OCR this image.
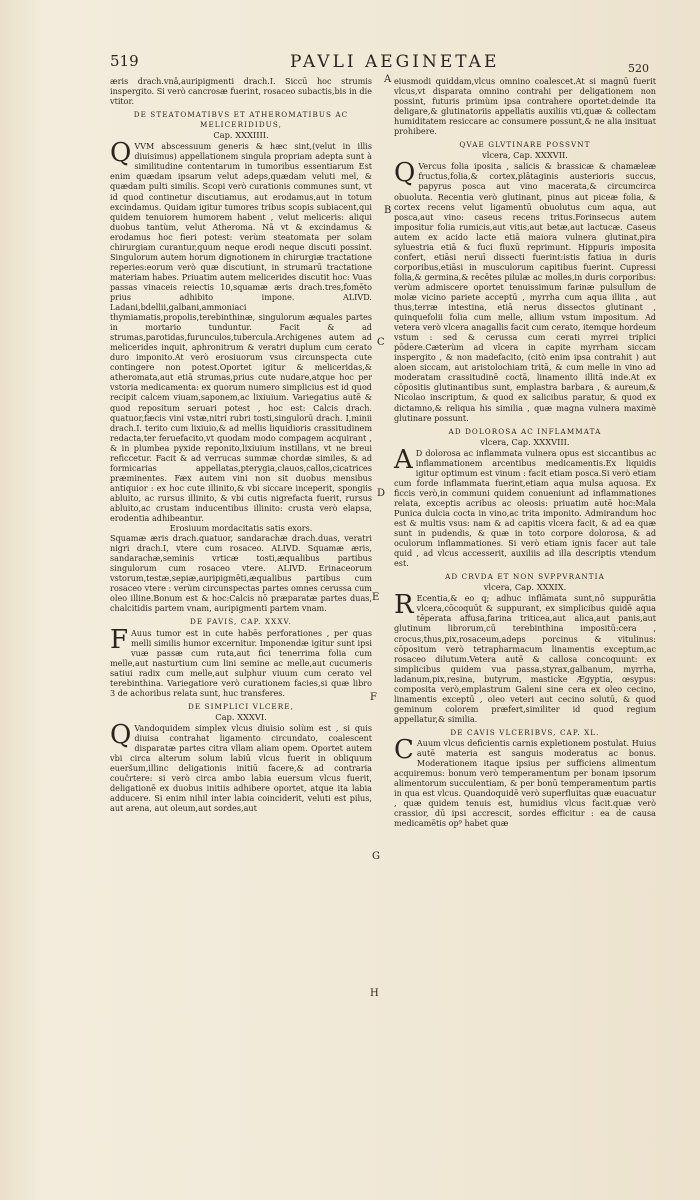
519	PAVLI AEGINETAE	520

æris drach.vnâ,auripigmenti drach.I. Siccū hoc strumis inspergito. Si verò cancrosæ fuerint, rosaceo subactis,bis in die vtitor.

DE STEATOMATIBVS ET ATHEROMATIBUS AC MELICERIDIDUS,

Cap. XXXIIII.

QVVM abscessuum generis & hæc sint,(velut in illis diuisimus) appellationem singula propriam adepta sunt à similitudine contentarum in tumoribus essentiarum Est enim quædam ipsarum velut adeps,quædam veluti mel, & quædam pulti similis. Scopi verò curationis communes sunt, vt id quod continetur discutiamus, aut erodamus,aut in totum excindamus. Quidam igitur tumores tribus scopis subiacent,qui quidem tenuiorem humorem habent , velut meliceris: aliqui duobus tantùm, velut Atheroma. Nā vt & excindamus & erodamus hoc fieri potest: verùm steatomata per solam chirurgiam curantur,quum neque erodi neque discuti possint. Singulorum autem horum dignotionem in chirurgiæ tractatione reperies:eorum verò quæ discutiunt, in strumarū tractatione materiam habes. Priuatim autem melicerides discutit hoc: Vuas passas vinaceis reiectis 10,squamæ æris drach.tres,fomēto prius adhibito impone. ALIVD. Ladani,bdellii,galbani,ammoniaci thymiamatis,propolis,terebinthinæ, singulorum æquales partes in mortario tunduntur. Facit & ad strumas,parotidas,furunculos,tubercula.Archigenes autem ad melicerides inquit, aphronitrum & veratri duplum cum cerato duro imponito.At verò erosiuorum vsus circunspecta cute contingere non potest.Oportet igitur & meliceridas,& atheromata,aut etiā strumas,prius cute nudare,atque hoc per vstoria medicamenta: ex quorum numero simplicius est id quod recipit calcem viuam,saponem,ac lixiuium. Variegatius autē & quod repositum seruari potest , hoc est: Calcis drach. quatuor,fæcis vini vstæ,nitri rubri tosti,singulorū drach. I,minii drach.I. terito cum lixiuio,& ad mellis liquidioris crassitudinem redacta,ter feruefacito,vt quodam modo compagem acquirant , & in plumbea pyxide reponito,lixiuium instillans, vt ne breui reficcetur. Facit & ad verrucas summæ chordæ similes, & ad formicarias appellatas,pterygia,clauos,callos,cicatrices præminentes. Fæx autem vini non sit duobus mensibus antiquior : ex hoc cute illinito,& vbi siccare inceperit, spongiis abluito, ac rursus illinito, & vbi cutis nigrefacta fuerit, rursus abluito,ac crustam inducentibus illinito: crusta verò elapsa, erodentia adhibeantur.

Erosiuum mordacitatis satis exors.

Squamæ æris drach.quatuor, sandarachæ drach.duas, veratri nigri drach.I, vtere cum rosaceo. ALIVD. Squamæ æris, sandarachæ,seminis vrticæ tosti,æqualibus partibus singulorum cum rosaceo vtere. ALIVD. Erinaceorum vstorum,testæ,sepiæ,auripigmēti,æqualibus partibus cum rosaceo vtere : verùm circunspectas partes omnes cerussa cum oleo illine.Bonum est & hoc:Calcis nō præparatæ partes duas, chalcitidis partem vnam, auripigmenti partem vnam.

DE FAVIS, CAP. XXXV.

F Auus tumor est in cute habēs perforationes , per quas melli similis humor excernitur. Imponendæ igitur sunt ipsi vuæ passæ cum ruta,aut fici tenerrima folia cum melle,aut nasturtium cum lini semine ac melle,aut cucumeris satiui radix cum melle,aut sulphur viuum cum cerato vel terebinthina. Variegatiore verò curationem facies,si quæ libro 3 de achoribus relata sunt, huc transferes.

DE SIMPLICI VLCERE,

Cap. XXXVI.

Q Vandoquidem simplex vlcus diuisio solùm est , si quis diuisa contrahat ligamento circundato, coalescent disparatæ partes citra vllam aliam opem. Oportet autem vbi circa alterum solum labiū vlcus fuerit in obliquum eueršum,illinc deligationis initiū facere,& ad contraria coučrtere: si verò circa ambo labia euersum vlcus fuerit, deligationē ex duobus initiis adhibere oportet, atque ita labia adducere. Si enim nihil inter labia coinciderit, veluti est pilus, aut arena, aut oleum,aut sordes,aut

eiusmodi quiddam,vlcus omnino coalescet.At si magnū fuerit vlcus,vt disparata omnino contrahi per deligationem non possint, futuris primùm ipsa contrahere oportet:deinde ita deligare,& glutinatoriis appellatis auxiliis vti,quæ & collectam humiditatem resiccare ac consumere possunt,& ne alia insituat prohibere.

QVAE GLVTINARE POSSVNT

vlcera, Cap. XXXVII.

Q Vercus folia iposita , salicis & brassicæ & chamæleæ fructus,folia,& cortex,plātaginis austerioris succus, papyrus posca aut vino macerata,& circumcirca obuoluta. Recentia verò glutinant, pinus aut piceæ folia, & cortex recens velut ligamentū obuolutus cum aqua, aut posca,aut vino: caseus recens tritus.Forinsecus autem impositur folia rumicis,aut vitis,aut betæ,aut lactucæ. Caseus autem ex acido lacte etiā maiora vulnera glutinat,pira syluestria etiā & fuci fluxū reprimunt. Hippuris imposita confert, etiāsi neruī dissecti fuerint:istis fatiua in duris corporibus,etiāsi in musculorum capitibus fuerint. Cupressi folia,& germina,& recētes pilulæ ac molles,in duris corporibus: verùm admiscere oportet tenuissimum farinæ pulsullum de molæ vicino pariete acceptū , myrrha cum aqua illita , aut thus,terræ intestina, etiā nerus dissectos glutinant , quinquefolii folia cum melle, allium vstum impositum. Ad vetera verò vlcera anagallis facit cum cerato, itemque hordeum vstum : sed & cerussa cum cerati myrrei triplici pōdere.Cæterùm ad vlcera in capite myrrham siccam inspergito , & non madefacito, (citò enim ipsa contrahit ) aut aloen siccam, aut aristolochiam tritā, & cum melle in vino ad moderatam crassitudinē coctā, linamento illitā inde.At ex cōpositis glutinantibus sunt, emplastra barbara , & aureum,& Nicolao inscriptum, & quod ex salicibus paratur, & quod ex dictamno,& reliqua his similia , quæ magna vulnera maximè glutinare possunt.

AD DOLOROSA AC INFLAMMATA

vlcera, Cap. XXXVIII.

A D dolorosa ac inflammata vulnera opus est siccantibus ac inflammationem arcentibus medicamentis.Ex liquidis igitur optimum est vinum : facit etiam posca.Si verò etiam cum forde inflammata fuerint,etiam aqua mulsa aquosa. Ex ficcis verò,in communi quidem conueniunt ad inflammationes relata, exceptis acribus ac oleosis: priuatim autē hoc:Mala Punica dulcia cocta in vino,ac trita imponito. Admirandum hoc est & multis vsus: nam & ad capitis vlcera facit, & ad ea quæ sunt in pudendis, & quæ in toto corpore dolorosa, & ad oculorum inflammationes. Si verò etiam ignis facer aut tale quid , ad vlcus accesserit, auxiliis ad illa descriptis vtendum est.

AD CRVDA ET NON SVPPVRANTIA

vlcera, Cap. XXXIX.

R Ecentia,& eo q; adhuc inflāmata sunt,nō suppurātia vlcera,cōcoquūt & suppurant, ex simplicibus quidē aqua tēperata affusa,farina triticea,aut alica,aut panis,aut glutinum librorum,cū terebinthina impositū:cera , crocus,thus,pix,rosaceum,adeps porcinus & vitulinus: cōpositum verò tetrapharmacum linamentis exceptum,ac rosaceo dilutum.Vetera autē & callosa concoquunt: ex simplicibus quidem vua passa,styrax,galbanum, myrrha, ladanum,pix,resina, butyrum, masticke Ægyptia, œsypus: composita verò,emplastrum Galeni sine cera ex oleo cecino, linamentis exceptū , oleo veteri aut cecino solutū, & quod geminum colorem præfert,similiter id quod regium appellatur,& similia.

DE CAVIS VLCERIBVS, CAP. XL.

C Auum vlcus deficientis carnis expletionem postulat. Huius autē materia est sanguis moderatus ac bonus. Moderationem itaque ipsius per sufficiens alimentum acquiremus: bonum verò temperamentum per bonam ipsorum alimentorum succulentiam, & per bonū temperamentum partis in qua est vlcus. Quandoquidē verò superfluitas quæ euacuatur , quæ quidem tenuis est, humidius vlcus facit.quæ verò crassior, dū ipsi accrescit, sordes efficitur : ea de causa medicamētis op⁹ habet quæ

A
B
C
D
E
F
G
H
